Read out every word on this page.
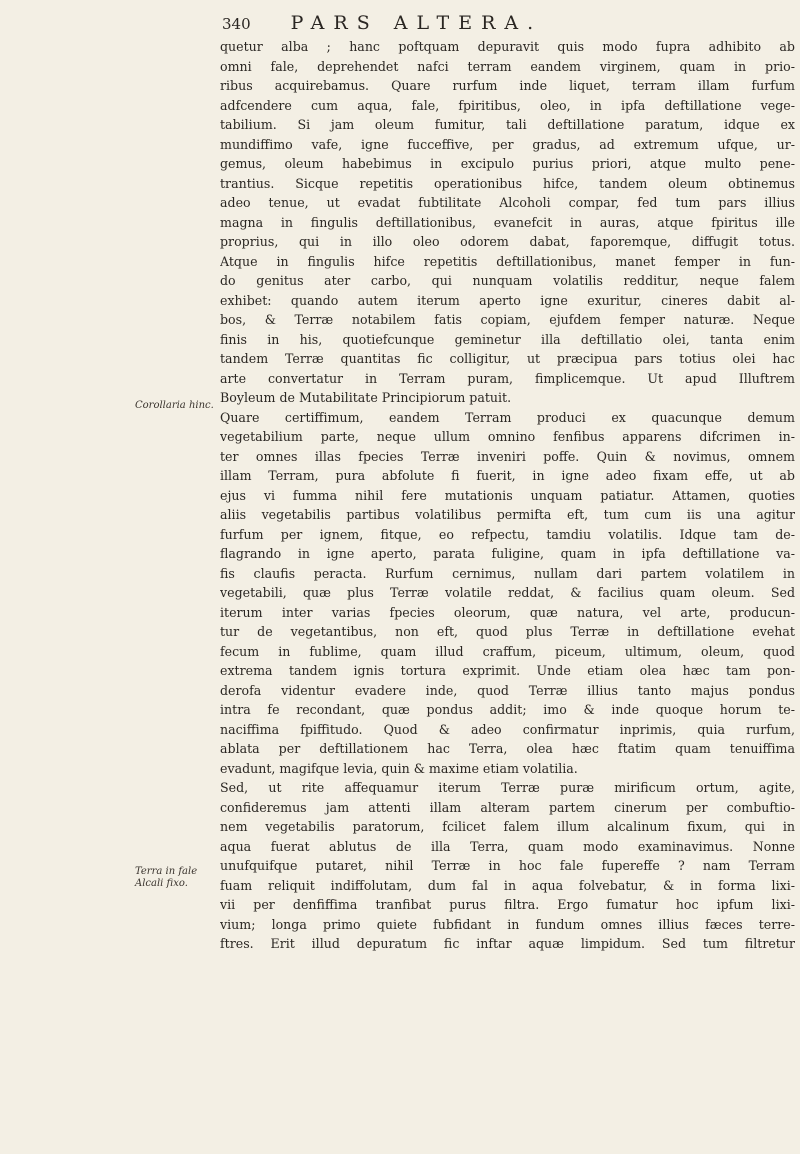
340 PARS ALTERA.
Corollaria hinc.
Terra in fale Alcali fixo.
quetur alba ; hanc poftquam depuravit quis modo fupra adhibito ab
omni fale, deprehendet nafci terram eandem virginem, quam in prio-
ribus acquirebamus. Quare rurfum inde liquet, terram illam furfum
adfcendere cum aqua, fale, fpiritibus, oleo, in ipfa deftillatione vege-
tabilium. Si jam oleum fumitur, tali deftillatione paratum, idque ex
mundiffimo vafe, igne fucceffive, per gradus, ad extremum ufque, ur-
gemus, oleum habebimus in excipulo purius priori, atque multo pene-
trantius. Sicque repetitis operationibus hifce, tandem oleum obtinemus
adeo tenue, ut evadat fubtilitate Alcoholi compar, fed tum pars illius
magna in fingulis deftillationibus, evanefcit in auras, atque fpiritus ille
proprius, qui in illo oleo odorem dabat, faporemque, diffugit totus.
Atque in fingulis hifce repetitis deftillationibus, manet femper in fun-
do genitus ater carbo, qui nunquam volatilis redditur, neque falem
exhibet: quando autem iterum aperto igne exuritur, cineres dabit al-
bos, & Terræ notabilem fatis copiam, ejufdem femper naturæ. Neque
finis in his, quotiefcunque geminetur illa deftillatio olei, tanta enim
tandem Terræ quantitas fic colligitur, ut præcipua pars totius olei hac
arte convertatur in Terram puram, fimplicemque. Ut apud Illuftrem
Boyleum de Mutabilitate Principiorum patuit.
Quare certiffimum, eandem Terram produci ex quacunque demum
vegetabilium parte, neque ullum omnino fenfibus apparens difcrimen in-
ter omnes illas fpecies Terræ inveniri poffe. Quin & novimus, omnem
illam Terram, pura abfolute fi fuerit, in igne adeo fixam effe, ut ab
ejus vi fumma nihil fere mutationis unquam patiatur. Attamen, quoties
aliis vegetabilis partibus volatilibus permifta eft, tum cum iis una agitur
furfum per ignem, fitque, eo refpectu, tamdiu volatilis. Idque tam de-
flagrando in igne aperto, parata fuligine, quam in ipfa deftillatione va-
fis claufis peracta. Rurfum cernimus, nullam dari partem volatilem in
vegetabili, quæ plus Terræ volatile reddat, & facilius quam oleum. Sed
iterum inter varias fpecies oleorum, quæ natura, vel arte, producun-
tur de vegetantibus, non eft, quod plus Terræ in deftillatione evehat
fecum in fublime, quam illud craffum, piceum, ultimum, oleum, quod
extrema tandem ignis tortura exprimit. Unde etiam olea hæc tam pon-
derofa videntur evadere inde, quod Terræ illius tanto majus pondus
intra fe recondant, quæ pondus addit; imo & inde quoque horum te-
naciffima fpiffitudo. Quod & adeo confirmatur inprimis, quia rurfum,
ablata per deftillationem hac Terra, olea hæc ftatim quam tenuiffima
evadunt, magifque levia, quin & maxime etiam volatilia.
Sed, ut rite affequamur iterum Terræ puræ mirificum ortum, agite,
confideremus jam attenti illam alteram partem cinerum per combuftio-
nem vegetabilis paratorum, fcilicet falem illum alcalinum fixum, qui in
aqua fuerat ablutus de illa Terra, quam modo examinavimus. Nonne
unufquifque putaret, nihil Terræ in hoc fale fupereffe ? nam Terram
fuam reliquit indiffolutam, dum fal in aqua folvebatur, & in forma lixi-
vii per denfiffima tranfibat purus filtra. Ergo fumatur hoc ipfum lixi-
vium; longa primo quiete fubfidant in fundum omnes illius fæces terre-
ftres. Erit illud depuratum fic inftar aquæ limpidum. Sed tum filtretur
